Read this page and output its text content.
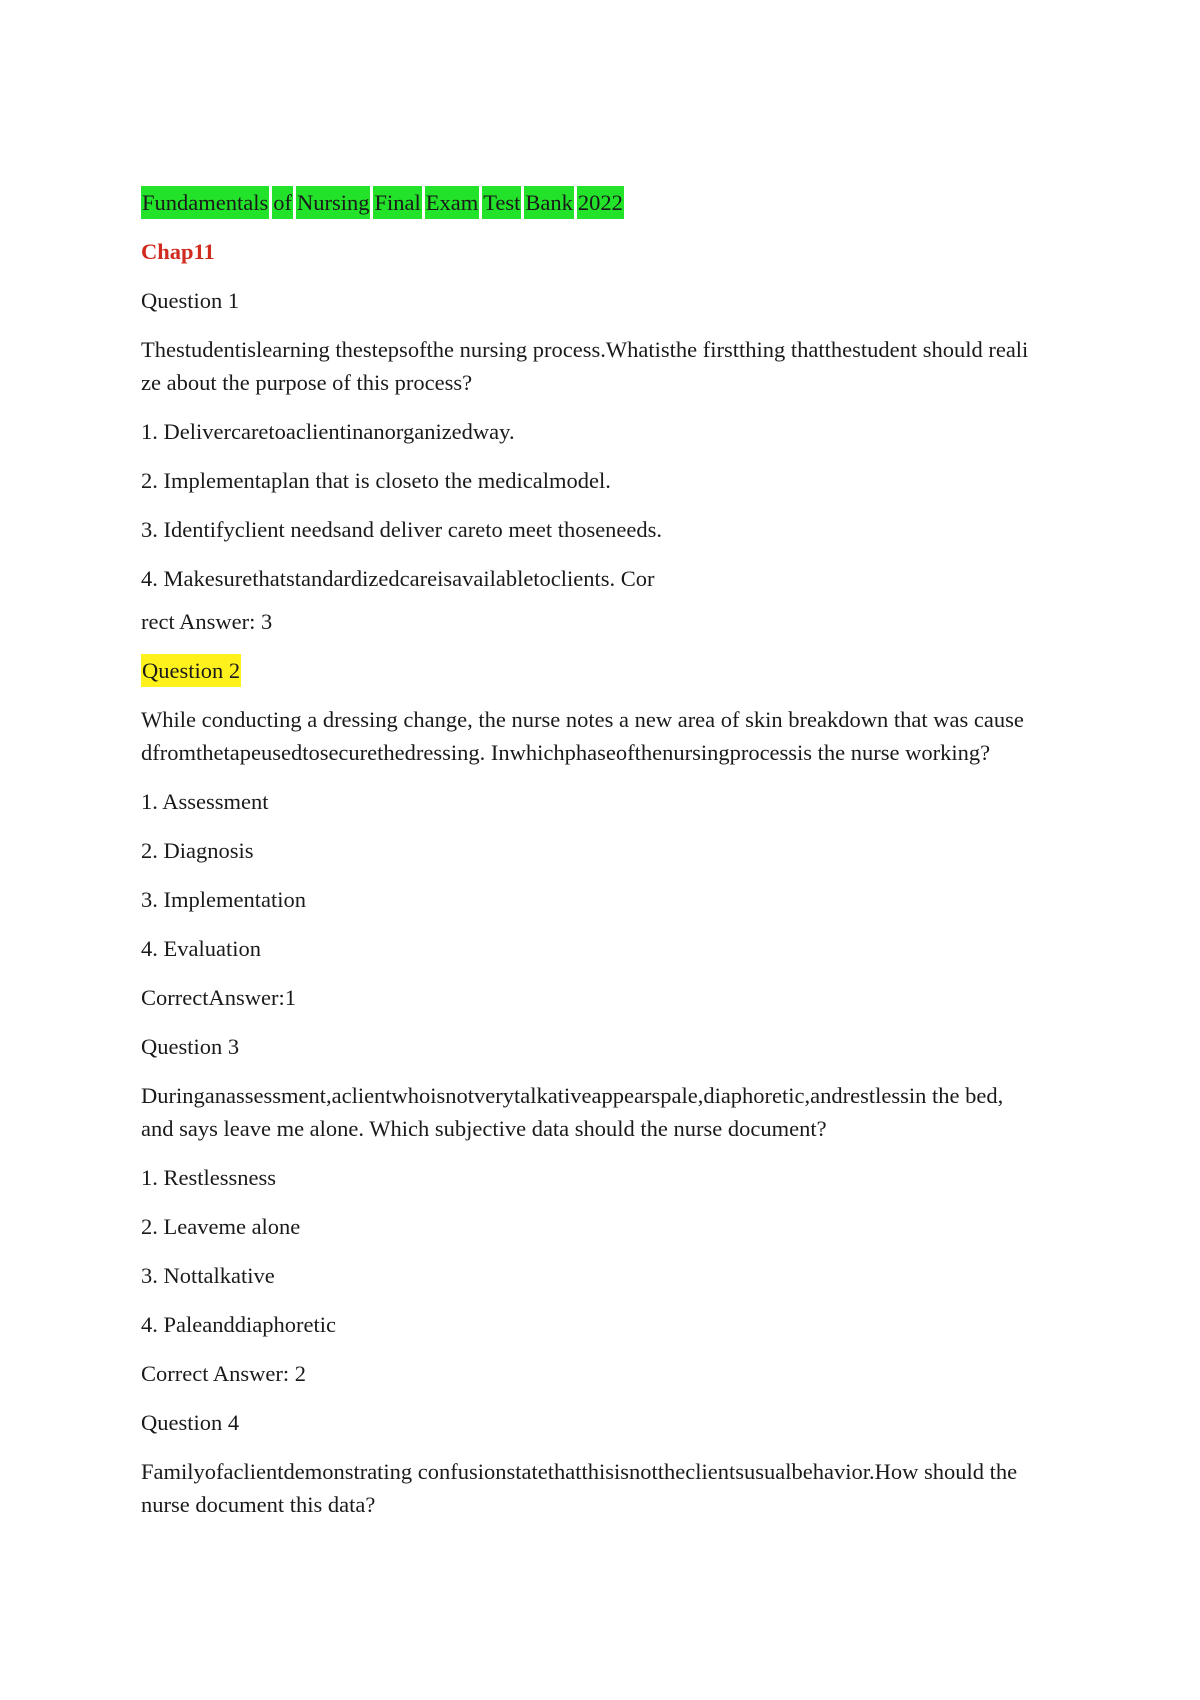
Fundamentals of Nursing Final Exam Test Bank 2022
Chap11
Question 1
Thestudentislearning thestepsofthe nursing process.Whatisthe firstthing thatthestudent should reali
ze about the purpose of this process?
1. Delivercaretoaclientinanorganizedway.
2. Implementaplan that is closeto the medicalmodel.
3. Identifyclient needsand deliver careto meet thoseneeds.
4. Makesurethatstandardizedcareisavailabletoclients. Cor
rect Answer: 3
Question 2
While conducting a dressing change, the nurse notes a new area of skin breakdown that was cause
dfromthetapeusedtosecurethedressing. Inwhichphaseofthenursingprocessis the nurse working?
1. Assessment
2. Diagnosis
3. Implementation
4. Evaluation
CorrectAnswer:1
Question 3
Duringanassessment,aclientwhoisnotverytalkativeappearspale,diaphoretic,andrestlessin the bed,
and says leave me alone. Which subjective data should the nurse document?
1. Restlessness
2. Leaveme alone
3. Nottalkative
4. Paleanddiaphoretic
Correct Answer: 2
Question 4
Familyofaclientdemonstrating confusionstatethatthisisnottheclientsusualbehavior.How should the
nurse document this data?
